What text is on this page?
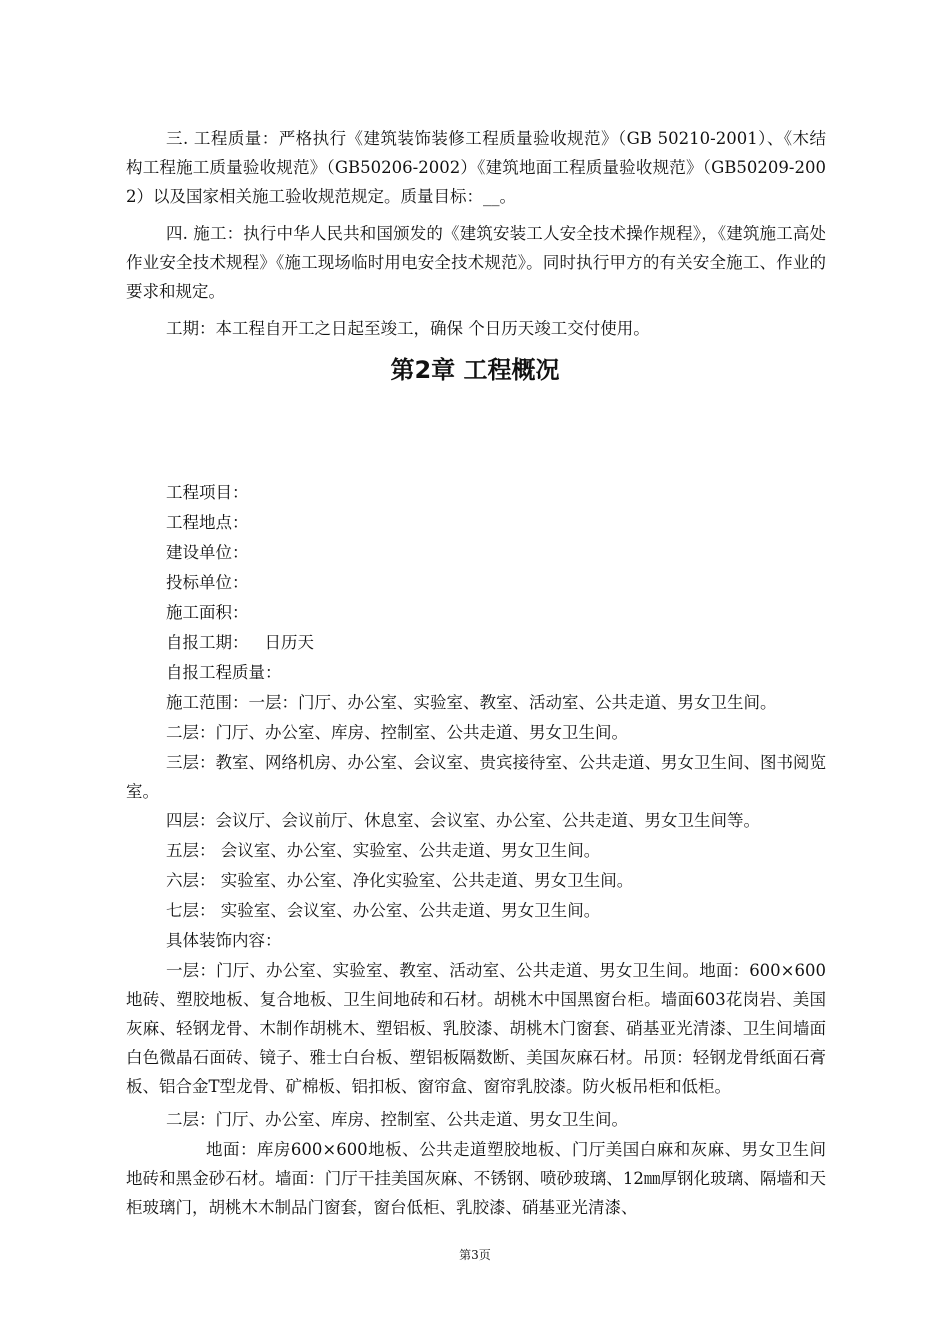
三. 工程质量：严格执行《建筑装饰装修工程质量验收规范》（GB 50210-2001）、《木结构工程施工质量验收规范》（GB50206-2002）《建筑地面工程质量验收规范》（GB50209-2002）以及国家相关施工验收规范规定。质量目标：__。

四. 施工：执行中华人民共和国颁发的《建筑安装工人安全技术操作规程》，《建筑施工高处作业安全技术规程》《施工现场临时用电安全技术规范》。同时执行甲方的有关安全施工、作业的要求和规定。

工期：本工程自开工之日起至竣工，确保 个日历天竣工交付使用。

第2章 工程概况

工程项目：

工程地点：

建设单位：

投标单位：

施工面积：

自报工期： 日历天

自报工程质量：

施工范围：一层：门厅、办公室、实验室、教室、活动室、公共走道、男女卫生间。

二层：门厅、办公室、库房、控制室、公共走道、男女卫生间。

三层：教室、网络机房、办公室、会议室、贵宾接待室、公共走道、男女卫生间、图书阅览室。

四层：会议厅、会议前厅、休息室、会议室、办公室、公共走道、男女卫生间等。

五层： 会议室、办公室、实验室、公共走道、男女卫生间。

六层： 实验室、办公室、净化实验室、公共走道、男女卫生间。

七层： 实验室、会议室、办公室、公共走道、男女卫生间。

具体装饰内容：

一层：门厅、办公室、实验室、教室、活动室、公共走道、男女卫生间。地面：600×600地砖、塑胶地板、复合地板、卫生间地砖和石材。胡桃木中国黑窗台柜。墙面603花岗岩、美国灰麻、轻钢龙骨、木制作胡桃木、塑铝板、乳胶漆、胡桃木门窗套、硝基亚光清漆、卫生间墙面白色微晶石面砖、镜子、雅士白台板、塑铝板隔数断、美国灰麻石材。吊顶：轻钢龙骨纸面石膏板、铝合金T型龙骨、矿棉板、铝扣板、窗帘盒、窗帘乳胶漆。防火板吊柜和低柜。

二层：门厅、办公室、库房、控制室、公共走道、男女卫生间。

地面：库房600×600地板、公共走道塑胶地板、门厅美国白麻和灰麻、男女卫生间地砖和黑金砂石材。墙面：门厅干挂美国灰麻、不锈钢、喷砂玻璃、12㎜厚钢化玻璃、隔墙和天柜玻璃门，胡桃木木制品门窗套，窗台低柜、乳胶漆、硝基亚光清漆、

第3页
